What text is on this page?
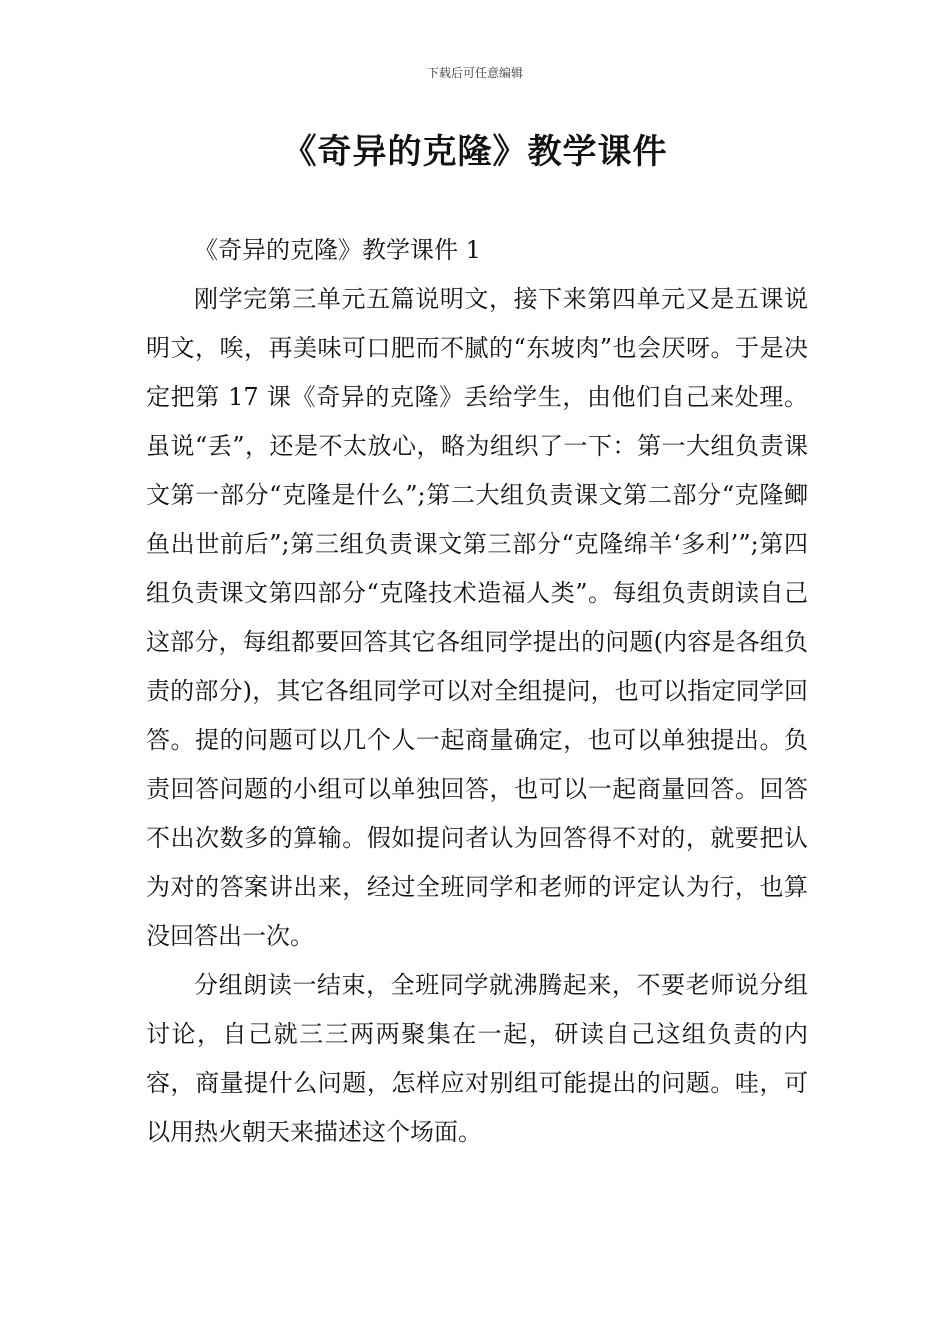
下载后可任意编辑
《奇异的克隆》教学课件

《奇异的克隆》教学课件 1

刚学完第三单元五篇说明文，接下来第四单元又是五课说明文，唉，再美味可口肥而不腻的“东坡肉”也会厌呀。于是决定把第 17 课《奇异的克隆》丢给学生，由他们自己来处理。虽说“丢”，还是不太放心，略为组织了一下：第一大组负责课文第一部分“克隆是什么”;第二大组负责课文第二部分“克隆鲫鱼出世前后”;第三组负责课文第三部分“克隆绵羊‘多利’”;第四组负责课文第四部分“克隆技术造福人类”。每组负责朗读自己这部分，每组都要回答其它各组同学提出的问题(内容是各组负责的部分)，其它各组同学可以对全组提问，也可以指定同学回答。提的问题可以几个人一起商量确定，也可以单独提出。负责回答问题的小组可以单独回答，也可以一起商量回答。回答不出次数多的算输。假如提问者认为回答得不对的，就要把认为对的答案讲出来，经过全班同学和老师的评定认为行，也算没回答出一次。

分组朗读一结束，全班同学就沸腾起来，不要老师说分组讨论，自己就三三两两聚集在一起，研读自己这组负责的内容，商量提什么问题，怎样应对别组可能提出的问题。哇，可以用热火朝天来描述这个场面。
